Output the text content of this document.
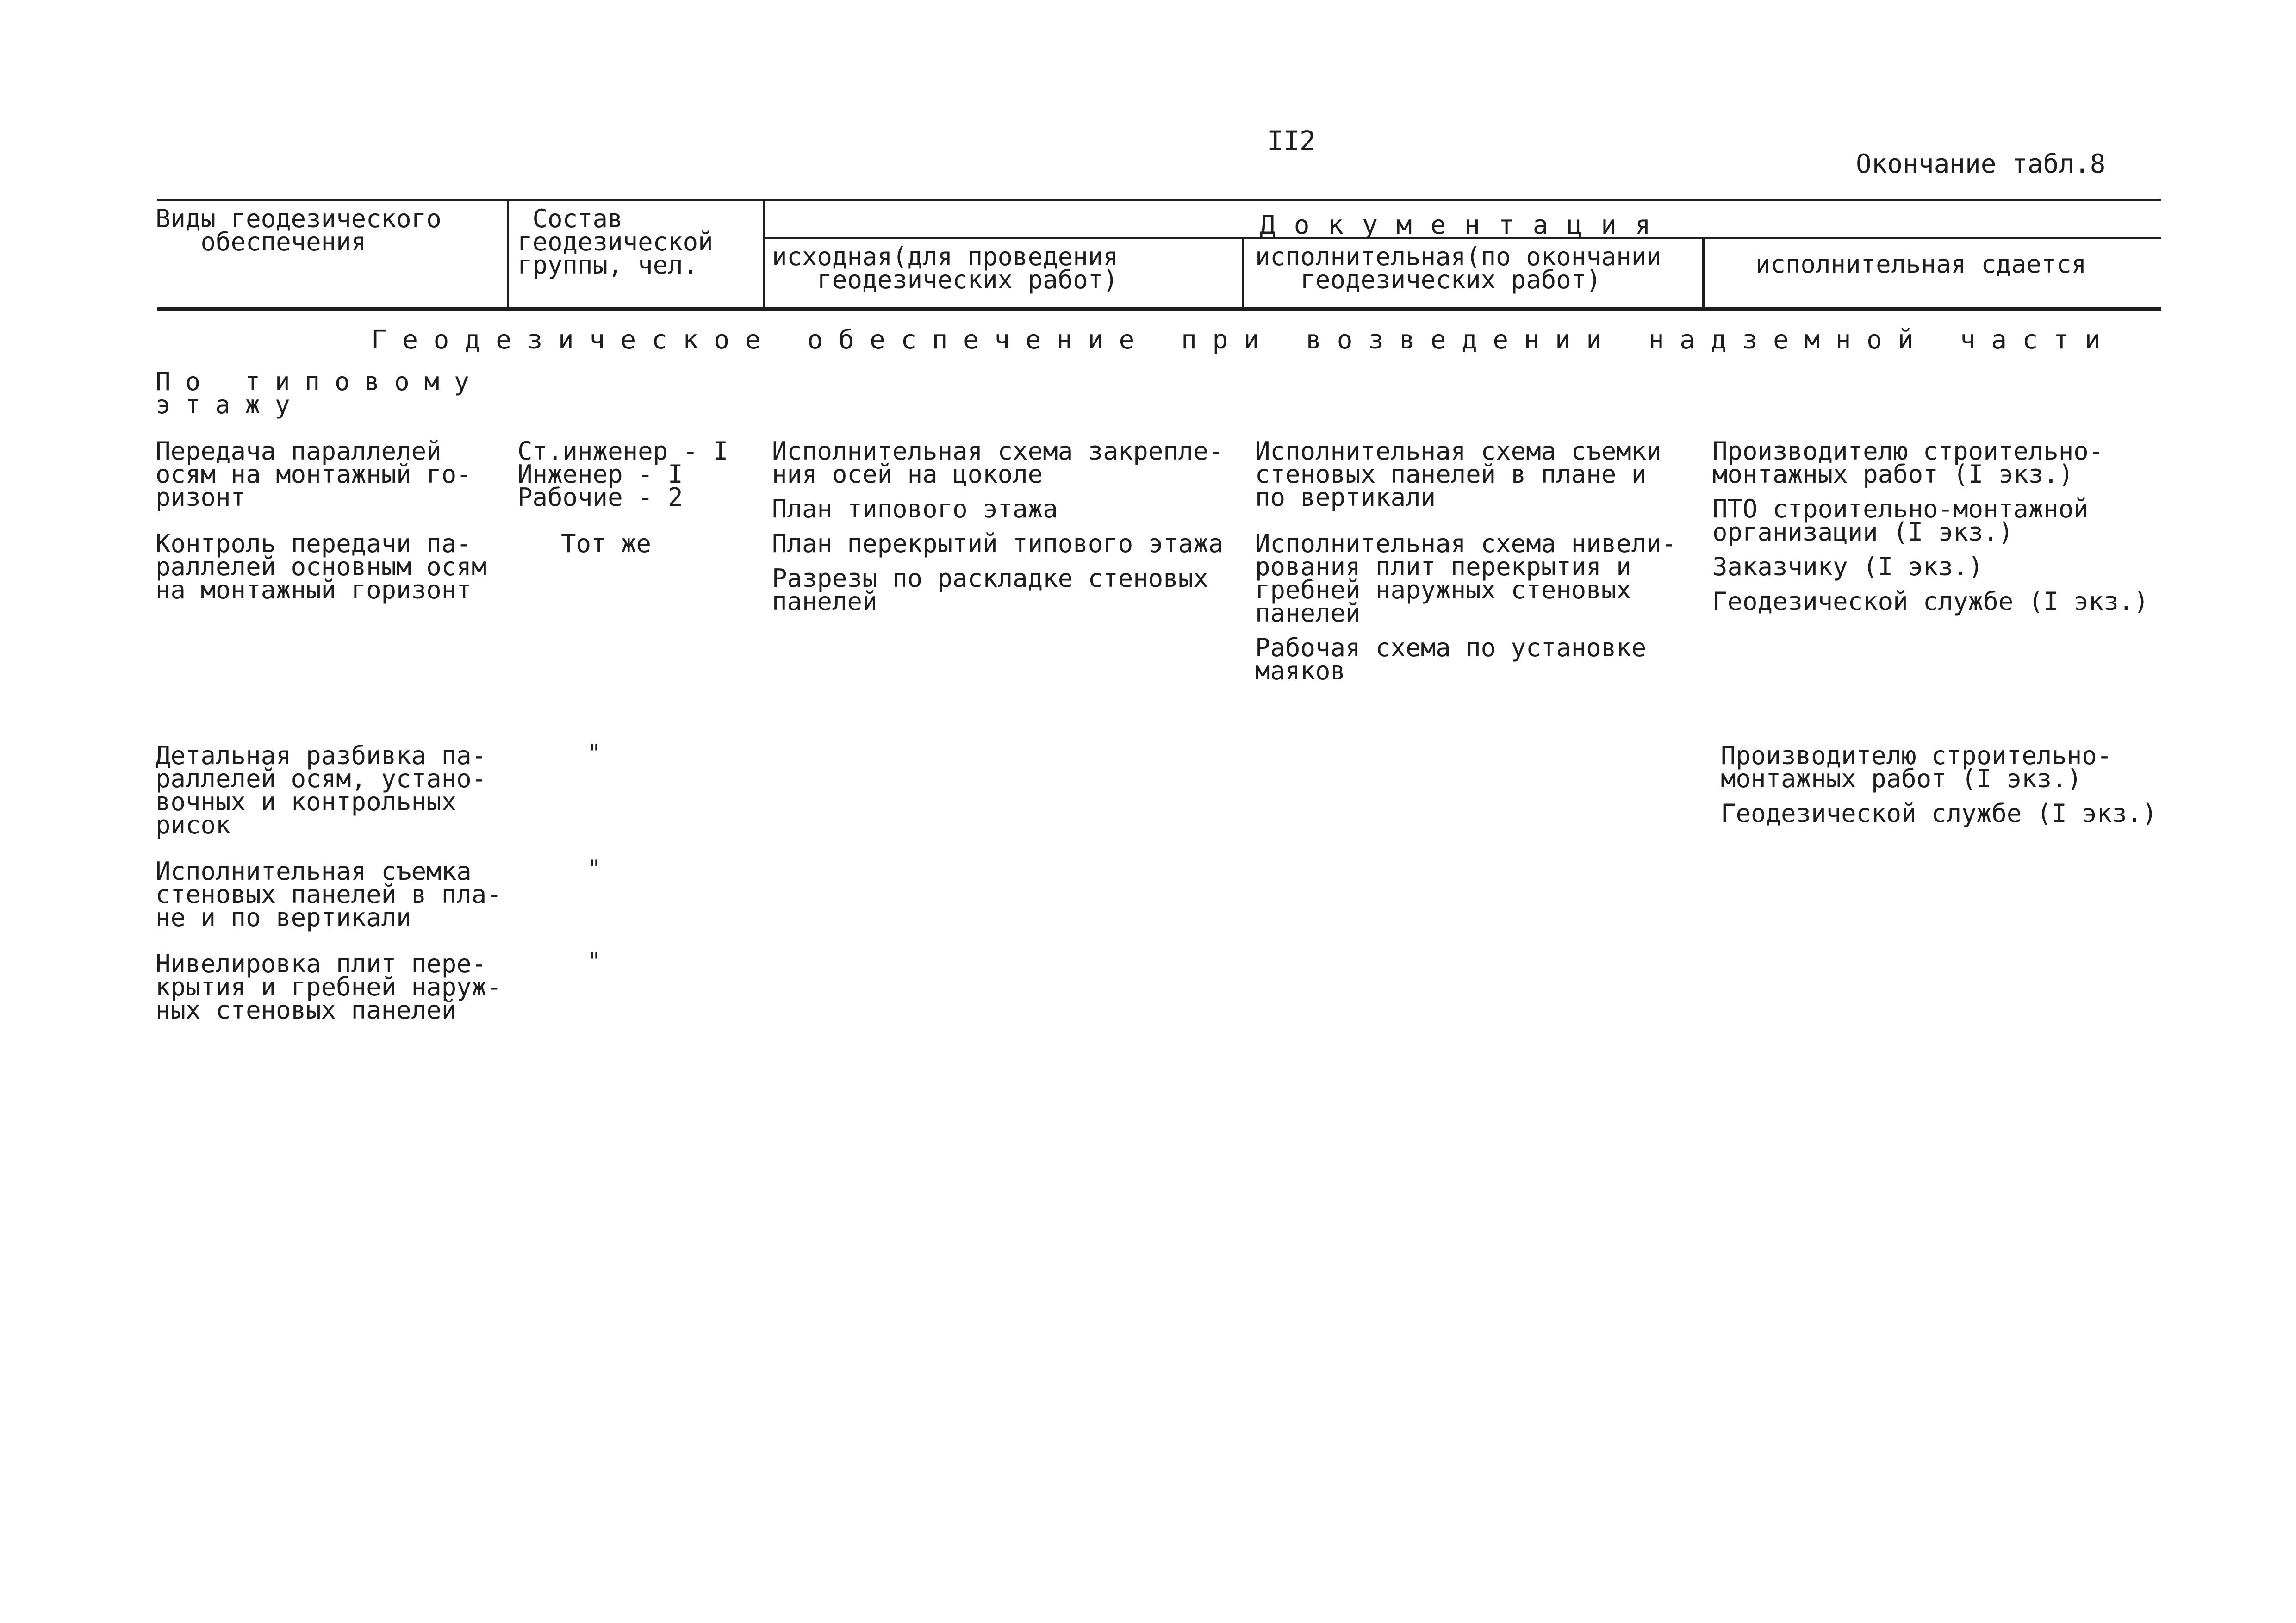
II2
Окончание табл.8
Виды геодезического
обеспечения
Состав
геодезической
группы, чел.
Документация
исходная(для проведения
геодезических работ)
исполнительная(по окончании
геодезических работ)
исполнительная сдается
Геодезическое обеспечение при возведении надземной части
По типовому
этажу
Передача параллелей
осям на монтажный го-
ризонт
Контроль передачи па-
раллелей основным осям
на монтажный горизонт
Детальная разбивка па-
раллелей осям, устано-
вочных и контрольных
рисок
Исполнительная съемка
стеновых панелей в пла-
не и по вертикали
Нивелировка плит пере-
крытия и гребней наруж-
ных стеновых панелей
Ст.инженер - I
Инженер - I
Рабочие - 2
Тот же
"
"
"
Исполнительная схема закрепле-
ния осей на цоколе
План типового этажа
План перекрытий типового этажа
Разрезы по раскладке стеновых
панелей
Исполнительная схема съемки
стеновых панелей в плане и
по вертикали
Исполнительная схема нивели-
рования плит перекрытия и
гребней наружных стеновых
панелей
Рабочая схема по установке
маяков
Производителю строительно-
монтажных работ (I экз.)
ПТО строительно-монтажной
организации (I экз.)
Заказчику (I экз.)
Геодезической службе (I экз.)
Производителю строительно-
монтажных работ (I экз.)
Геодезической службе (I экз.)
